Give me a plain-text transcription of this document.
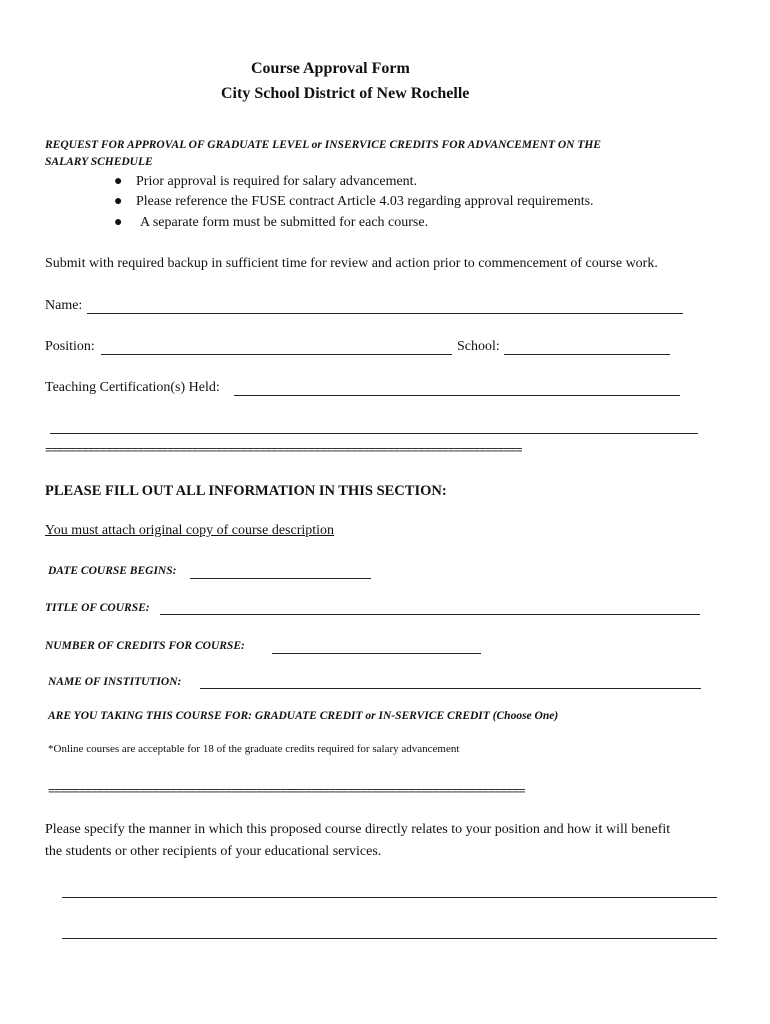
Course Approval Form
City School District of New Rochelle
REQUEST FOR APPROVAL OF GRADUATE LEVEL or INSERVICE CREDITS FOR ADVANCEMENT ON THE
SALARY SCHEDULE
● Prior approval is required for salary advancement.
● Please reference the FUSE contract Article 4.03 regarding approval requirements.
● A separate form must be submitted for each course.
Submit with required backup in sufficient time for review and action prior to commencement of course work.
Name:
Position:	School:
Teaching Certification(s) Held:
==============================================================================
PLEASE FILL OUT ALL INFORMATION IN THIS SECTION:
You must attach original copy of course description
DATE COURSE BEGINS:
TITLE OF COURSE:
NUMBER OF CREDITS FOR COURSE:
NAME OF INSTITUTION:
ARE YOU TAKING THIS COURSE FOR: GRADUATE CREDIT or IN-SERVICE CREDIT (Choose One)
*Online courses are acceptable for 18 of the graduate credits required for salary advancement
==============================================================================
Please specify the manner in which this proposed course directly relates to your position and how it will benefit
the students or other recipients of your educational services.
